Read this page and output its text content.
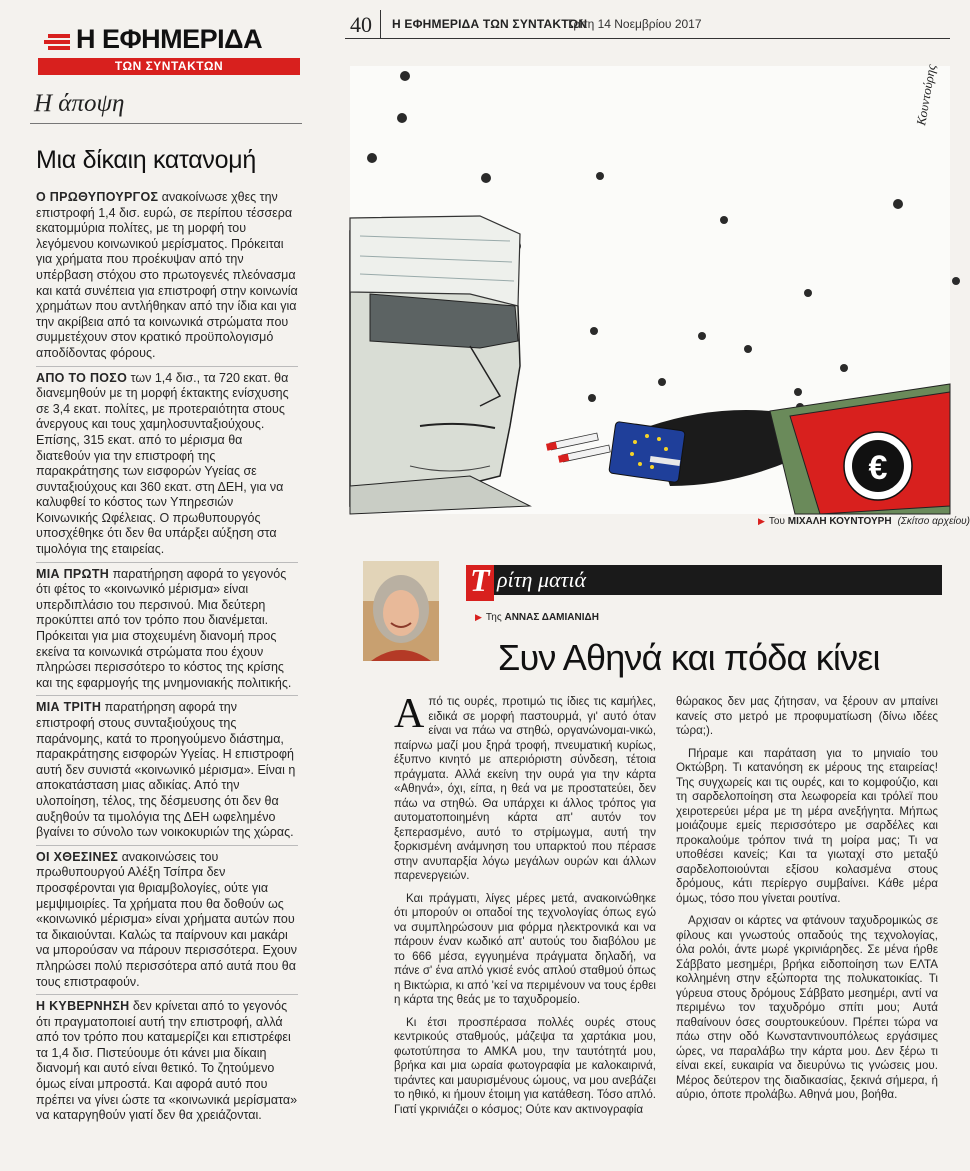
40 Η ΕΦΗΜΕΡΙΔΑ ΤΩΝ ΣΥΝΤΑΚΤΩΝ
Τρίτη 14 Νοεμβρίου 2017
Η ΕΦΗΜΕΡΙΔΑ
ΤΩΝ ΣΥΝΤΑΚΤΩΝ
Η άποψη
Μια δίκαιη κατανομή

Ο ΠΡΩΘΥΠΟΥΡΓΟΣ ανακοίνωσε χθες την επιστροφή 1,4 δισ. ευρώ, σε περίπου τέσσερα εκατομμύρια πολίτες, με τη μορφή του λεγόμενου κοινωνικού μερίσματος. Πρόκειται για χρήματα που προέκυψαν από την υπέρβαση στόχου στο πρωτογενές πλεόνασμα και κατά συνέπεια για επιστροφή στην κοινωνία χρημάτων που αντλήθηκαν από την ίδια και για την ακρίβεια από τα κοινωνικά στρώματα που συμμετέχουν στον κρατικό προϋπολογισμό αποδίδοντας φόρους.

ΑΠΟ ΤΟ ΠΟΣΟ των 1,4 δισ., τα 720 εκατ. θα διανεμηθούν με τη μορφή έκτακτης ενίσχυσης σε 3,4 εκατ. πολίτες, με προτεραιότητα στους άνεργους και τους χαμηλοσυνταξιούχους. Επίσης, 315 εκατ. από το μέρισμα θα διατεθούν για την επιστροφή της παρακράτησης των εισφορών Υγείας σε συνταξιούχους και 360 εκατ. στη ΔΕΗ, για να καλυφθεί το κόστος των Υπηρεσιών Κοινωνικής Ωφέλειας. Ο πρωθυπουργός υποσχέθηκε ότι δεν θα υπάρξει αύξηση στα τιμολόγια της εταιρείας.

ΜΙΑ ΠΡΩΤΗ παρατήρηση αφορά το γεγονός ότι φέτος το «κοινωνικό μέρισμα» είναι υπερδιπλάσιο του περσινού. Μια δεύτερη προκύπτει από τον τρόπο που διανέμεται. Πρόκειται για μια στοχευμένη διανομή προς εκείνα τα κοινωνικά στρώματα που έχουν πληρώσει περισσότερο το κόστος της κρίσης και της εφαρμογής της μνημονιακής πολιτικής.

ΜΙΑ ΤΡΙΤΗ παρατήρηση αφορά την επιστροφή στους συνταξιούχους της παράνομης, κατά το προηγούμενο διάστημα, παρακράτησης εισφορών Υγείας. Η επιστροφή αυτή δεν συνιστά «κοινωνικό μέρισμα». Είναι η αποκατάσταση μιας αδικίας. Από την υλοποίηση, τέλος, της δέσμευσης ότι δεν θα αυξηθούν τα τιμολόγια της ΔΕΗ ωφελημένο βγαίνει το σύνολο των νοικοκυριών της χώρας.

ΟΙ ΧΘΕΣΙΝΕΣ ανακοινώσεις του πρωθυπουργού Αλέξη Τσίπρα δεν προσφέρονται για θριαμβολογίες, ούτε για μεμψιμοιρίες. Τα χρήματα που θα δοθούν ως «κοινωνικό μέρισμα» είναι χρήματα αυτών που τα δικαιούνται. Καλώς τα παίρνουν και μακάρι να μπορούσαν να πάρουν περισσότερα. Εχουν πληρώσει πολύ περισσότερα από αυτά που θα τους επιστραφούν.

Η ΚΥΒΕΡΝΗΣΗ δεν κρίνεται από το γεγονός ότι πραγματοποιεί αυτή την επιστροφή, αλλά από τον τρόπο που καταμερίζει και επιστρέφει τα 1,4 δισ. Πιστεύουμε ότι κάνει μια δίκαιη διανομή και αυτό είναι θετικό. Το ζητούμενο όμως είναι μπροστά. Και αφορά αυτό που πρέπει να γίνει ώστε τα «κοινωνικά μερίσματα» να καταργηθούν γιατί δεν θα χρειάζονται.

€
Κουντούρης
▶ Του ΜΙΧΑΛΗ ΚΟΥΝΤΟΥΡΗ (Σκίτσο αρχείου)
Τ ρίτη ματιά
▶ Της ΑΝΝΑΣ ΔΑΜΙΑΝΙΔΗ
Συν Αθηνά και πόδα κίνει

Από τις ουρές, προτιμώ τις ίδιες τις καμήλες, ειδικά σε μορφή παστουρμά, γι' αυτό όταν είναι να πάω να στηθώ, οργανώνομαι-νικώ, παίρνω μαζί μου ξηρά τροφή, πνευματική κυρίως, έξυπνο κινητό με απεριόριστη σύνδεση, τέτοια πράγματα. Αλλά εκείνη την ουρά για την κάρτα «Αθηνά», όχι, είπα, η θεά να με προστατεύει, δεν πάω να στηθώ. Θα υπάρχει κι άλλος τρόπος για αυτοματοποιημένη κάρτα απ' αυτόν τον ξεπερασμένο, αυτό το στρίμωγμα, αυτή την ξορκισμένη ανάμνηση του υπαρκτού που πέρασε στην ανυπαρξία λόγω μεγάλων ουρών και άλλων παρενεργειών.

Και πράγματι, λίγες μέρες μετά, ανακοινώθηκε ότι μπορούν οι οπαδοί της τεχνολογίας όπως εγώ να συμπληρώσουν μια φόρμα ηλεκτρονικά και να πάρουν έναν κωδικό απ' αυτούς του διαβόλου με το 666 μέσα, εγγυημένα πράγματα δηλαδή, να πάνε σ' ένα απλό γκισέ ενός απλού σταθμού όπως η Βικτώρια, κι από 'κεί να περιμένουν να τους έρθει η κάρτα της θεάς με το ταχυδρομείο.

Κι έτσι προσπέρασα πολλές ουρές στους κεντρικούς σταθμούς, μάζεψα τα χαρτάκια μου, φωτοτύπησα το ΑΜΚΑ μου, την ταυτότητά μου, βρήκα και μια ωραία φωτογραφία με καλοκαιρινά, τιράντες και μαυρισμένους ώμους, να μου ανεβάζει το ηθικό, κι ήμουν έτοιμη για κατάθεση. Τόσο απλό. Γιατί γκρινιάζει ο κόσμος; Ούτε καν ακτινογραφία

θώρακος δεν μας ζήτησαν, να ξέρουν αν μπαίνει κανείς στο μετρό με προφυματίωση (δίνω ιδέες τώρα;).

Πήραμε και παράταση για το μηνιαίο του Οκτώβρη. Τι κατανόηση εκ μέρους της εταιρείας! Της συγχωρείς και τις ουρές, και το κομφούζιο, και τη σαρδελοποίηση στα λεωφορεία και τρόλεϊ που χειροτερεύει μέρα με τη μέρα ανεξήγητα. Μήπως μοιάζουμε εμείς περισσότερο με σαρδέλες και προκαλούμε τρόπον τινά τη μοίρα μας; Τι να υποθέσει κανείς; Και τα γιωταχί στο μεταξύ σαρδελοποιούνται εξίσου κολασμένα στους δρόμους, κάτι περίεργο συμβαίνει. Κάθε μέρα όμως, τόσο που γίνεται ρουτίνα.

Αρχισαν οι κάρτες να φτάνουν ταχυδρομικώς σε φίλους και γνωστούς οπαδούς της τεχνολογίας, όλα ρολόι, άντε μωρέ γκρινιάρηδες. Σε μένα ήρθε Σάββατο μεσημέρι, βρήκα ειδοποίηση των ΕΛΤΑ κολλημένη στην εξώπορτα της πολυκατοικίας. Τι γύρευα στους δρόμους Σάββατο μεσημέρι, αντί να περιμένω τον ταχυδρόμο σπίτι μου; Αυτά παθαίνουν όσες σουρτουκεύουν. Πρέπει τώρα να πάω στην οδό Κωνσταντινουπόλεως εργάσιμες ώρες, να παραλάβω την κάρτα μου. Δεν ξέρω τι είναι εκεί, ευκαιρία να διευρύνω τις γνώσεις μου. Μέρος δεύτερον της διαδικασίας, ξεκινά σήμερα, ή αύριο, όποτε προλάβω. Αθηνά μου, βοήθα.
